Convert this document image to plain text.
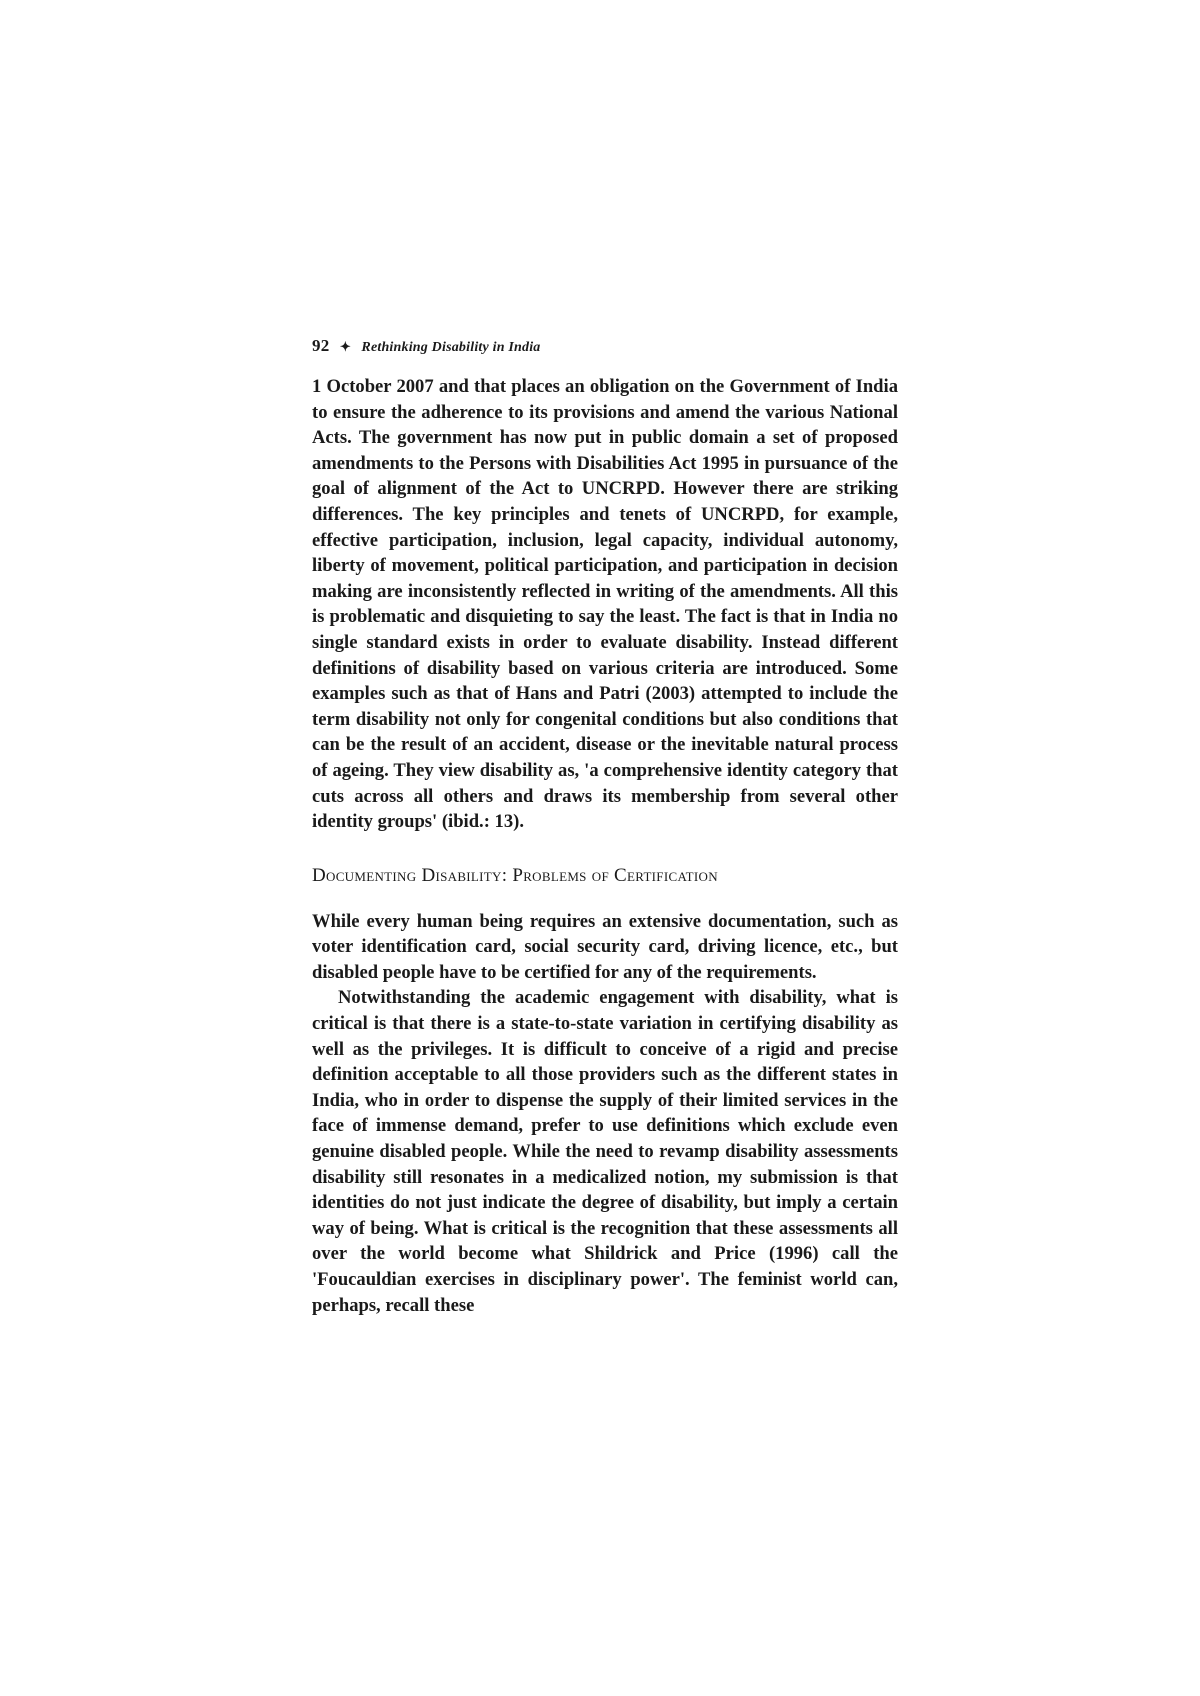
92 ✦ Rethinking Disability in India

1 October 2007 and that places an obligation on the Government of India to ensure the adherence to its provisions and amend the various National Acts. The government has now put in public domain a set of proposed amendments to the Persons with Disabilities Act 1995 in pursuance of the goal of alignment of the Act to UNCRPD. However there are striking differences. The key principles and tenets of UNCRPD, for example, effective participation, inclusion, legal capacity, individual autonomy, liberty of movement, political participation, and participation in decision making are inconsistently reflected in writing of the amendments. All this is problematic and disquieting to say the least. The fact is that in India no single standard exists in order to evaluate disability. Instead different definitions of disability based on various criteria are introduced. Some examples such as that of Hans and Patri (2003) attempted to include the term disability not only for congenital conditions but also conditions that can be the result of an accident, disease or the inevitable natural process of ageing. They view disability as, 'a comprehensive identity category that cuts across all others and draws its membership from several other identity groups' (ibid.: 13).

Documenting Disability: Problems of Certification

While every human being requires an extensive documentation, such as voter identification card, social security card, driving licence, etc., but disabled people have to be certified for any of the requirements.

Notwithstanding the academic engagement with disability, what is critical is that there is a state-to-state variation in certifying disability as well as the privileges. It is difficult to conceive of a rigid and precise definition acceptable to all those providers such as the different states in India, who in order to dispense the supply of their limited services in the face of immense demand, prefer to use definitions which exclude even genuine disabled people. While the need to revamp disability assessments disability still resonates in a medicalized notion, my submission is that identities do not just indicate the degree of disability, but imply a certain way of being. What is critical is the recognition that these assessments all over the world become what Shildrick and Price (1996) call the 'Foucauldian exercises in disciplinary power'. The feminist world can, perhaps, recall these
